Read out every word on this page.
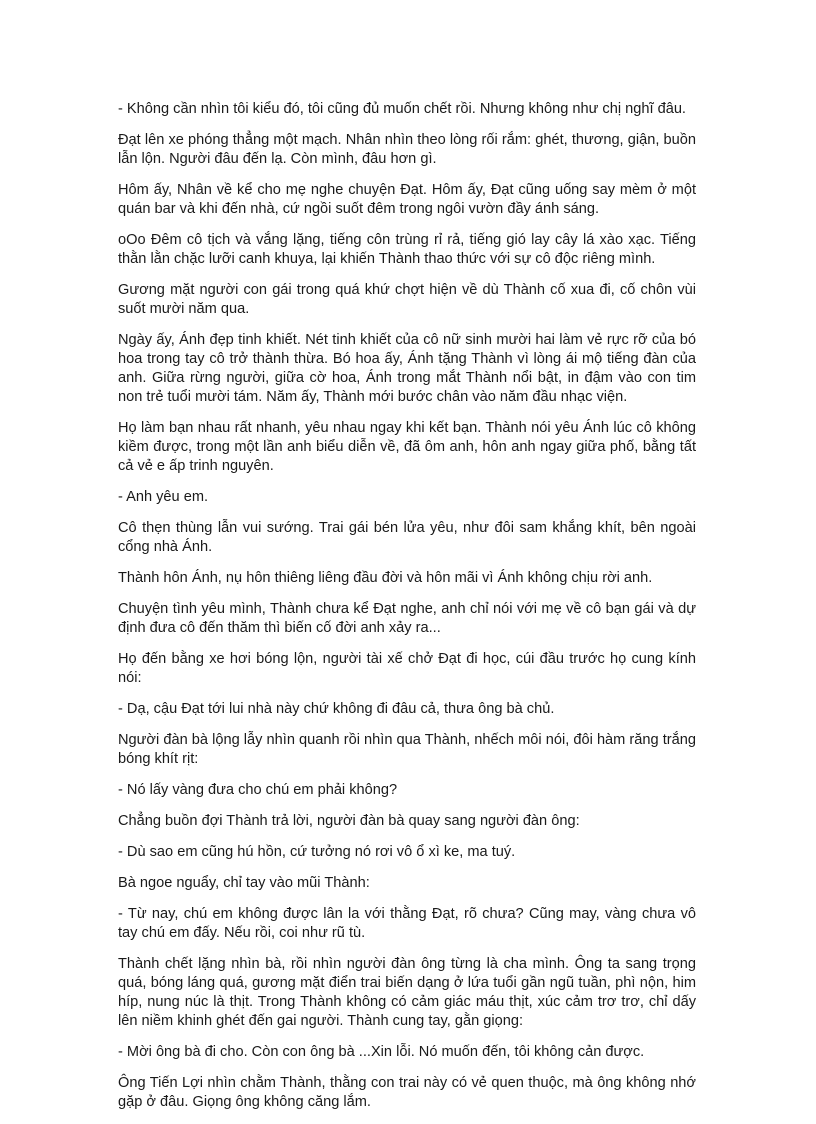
- Không cần nhìn tôi kiểu đó, tôi cũng đủ muốn chết rồi. Nhưng không như chị nghĩ đâu.

Đạt lên xe phóng thẳng một mạch. Nhân nhìn theo lòng rối rắm: ghét, thương, giận, buồn lẫn lộn. Người đâu đến lạ. Còn mình, đâu hơn gì.

Hôm ấy, Nhân về kể cho mẹ nghe chuyện Đạt. Hôm ấy, Đạt cũng uống say mèm ở một quán bar và khi đến nhà, cứ ngồi suốt đêm trong ngôi vườn đầy ánh sáng.

oOo Đêm cô tịch và vắng lặng, tiếng côn trùng rỉ rả, tiếng gió lay cây lá xào xạc. Tiếng thằn lằn chặc lưỡi canh khuya, lại khiến Thành thao thức với sự cô độc riêng mình.

Gương mặt người con gái trong quá khứ chợt hiện về dù Thành cố xua đi, cố chôn vùi suốt mười năm qua.

Ngày ấy, Ánh đẹp tinh khiết. Nét tinh khiết của cô nữ sinh mười hai làm vẻ rực rỡ của bó hoa trong tay cô trở thành thừa. Bó hoa ấy, Ánh tặng Thành vì lòng ái mộ tiếng đàn của anh. Giữa rừng người, giữa cờ hoa, Ánh trong mắt Thành nổi bật, in đậm vào con tim non trẻ tuổi mười tám. Năm ấy, Thành mới bước chân vào năm đầu nhạc viện.

Họ làm bạn nhau rất nhanh, yêu nhau ngay khi kết bạn. Thành nói yêu Ánh lúc cô không kiềm được, trong một lần anh biểu diễn về, đã ôm anh, hôn anh ngay giữa phố, bằng tất cả vẻ e ấp trinh nguyên.

- Anh yêu em.

Cô thẹn thùng lẫn vui sướng. Trai gái bén lửa yêu, như đôi sam khắng khít, bên ngoài cổng nhà Ánh.

Thành hôn Ánh, nụ hôn thiêng liêng đầu đời và hôn mãi vì Ánh không chịu rời anh.

Chuyện tình yêu mình, Thành chưa kể Đạt nghe, anh chỉ nói với mẹ về cô bạn gái và dự định đưa cô đến thăm thì biến cố đời anh xảy ra...

Họ đến bằng xe hơi bóng lộn, người tài xế chở Đạt đi học, cúi đầu trước họ cung kính nói:

- Dạ, cậu Đạt tới lui nhà này chứ không đi đâu cả, thưa ông bà chủ.

Người đàn bà lộng lẫy nhìn quanh rồi nhìn qua Thành, nhếch môi nói, đôi hàm răng trắng bóng khít rịt:

- Nó lấy vàng đưa cho chú em phải không?

Chẳng buồn đợi Thành trả lời, người đàn bà quay sang người đàn ông:

- Dù sao em cũng hú hồn, cứ tưởng nó rơi vô ổ xì ke, ma tuý.

Bà ngoe nguẩy, chỉ tay vào mũi Thành:

- Từ nay, chú em không được lân la với thằng Đạt, rõ chưa? Cũng may, vàng chưa vô tay chú em đấy. Nếu rồi, coi như rũ tù.

Thành chết lặng nhìn bà, rồi nhìn người đàn ông từng là cha mình. Ông ta sang trọng quá, bóng láng quá, gương mặt điển trai biến dạng ở lứa tuổi gần ngũ tuần, phì nộn, him híp, nung núc là thịt. Trong Thành không có cảm giác máu thịt, xúc cảm trơ trơ, chỉ dấy lên niềm khinh ghét đến gai người. Thành cung tay, gằn giọng:

- Mời ông bà đi cho. Còn con ông bà ...Xin lỗi. Nó muốn đến, tôi không cản được.

Ông Tiến Lợi nhìn chằm Thành, thằng con trai này có vẻ quen thuộc, mà ông không nhớ gặp ở đâu. Giọng ông không căng lắm.
